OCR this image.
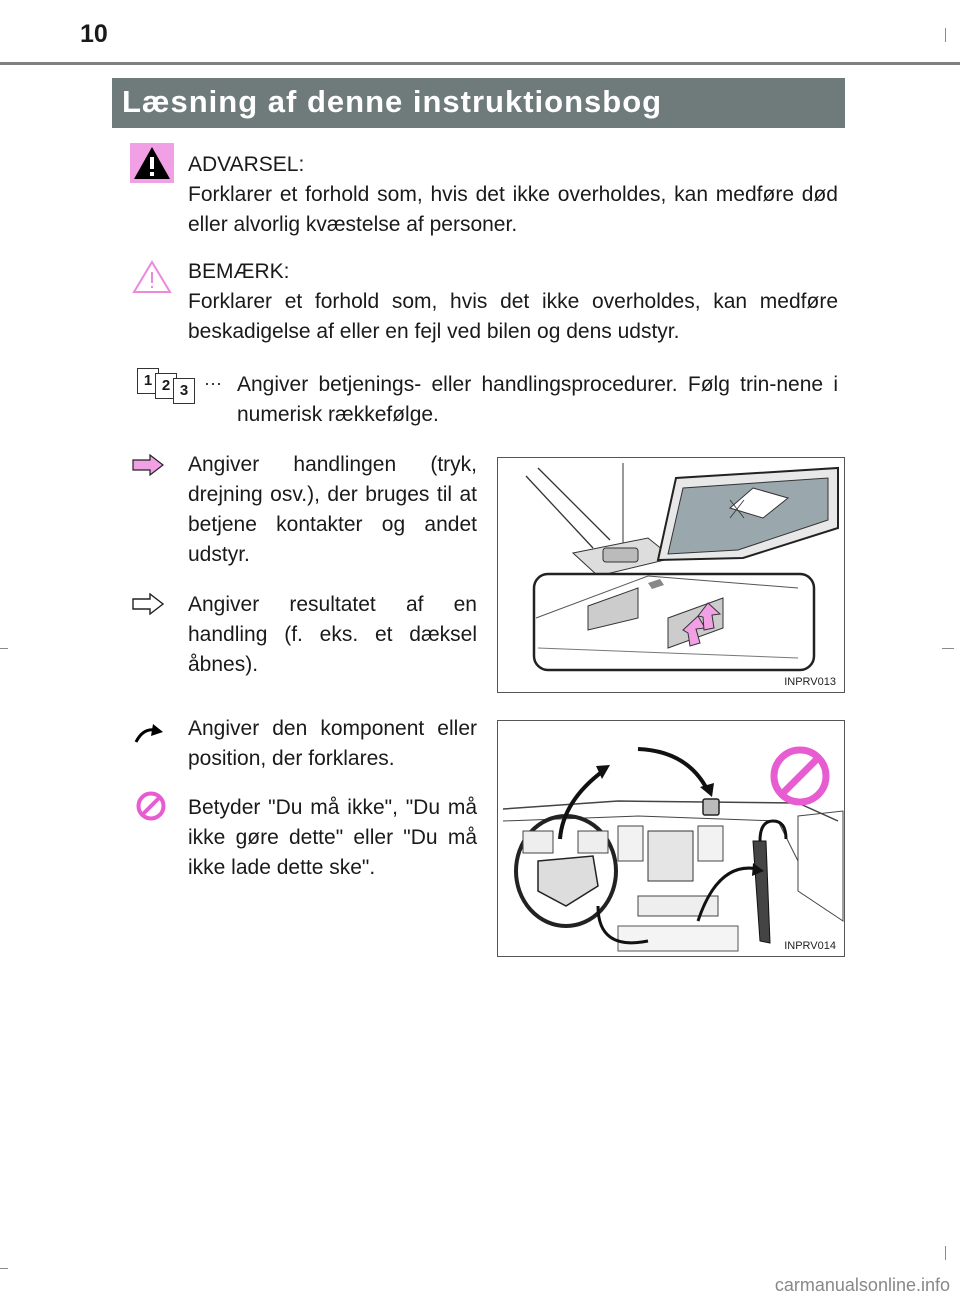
10
Læsning af denne instruktionsbog
ADVARSEL:
Forklarer et forhold som, hvis det ikke overholdes, kan medføre død eller alvorlig kvæstelse af personer.
BEMÆRK:
Forklarer et forhold som, hvis det ikke overholdes, kan medføre beskadigelse af eller en fejl ved bilen og dens udstyr.
1 2 3 ··· Angiver betjenings- eller handlingsprocedurer. Følg trin-nene i numerisk rækkefølge.
Angiver handlingen (tryk, drejning osv.), der bruges til at betjene kontakter og andet udstyr.
Angiver resultatet af en handling (f. eks. et dæksel åbnes).
INPRV013
Angiver den komponent eller position, der forklares.
Betyder "Du må ikke", "Du må ikke gøre dette" eller "Du må ikke lade dette ske".
INPRV014
carmanualsonline.info
